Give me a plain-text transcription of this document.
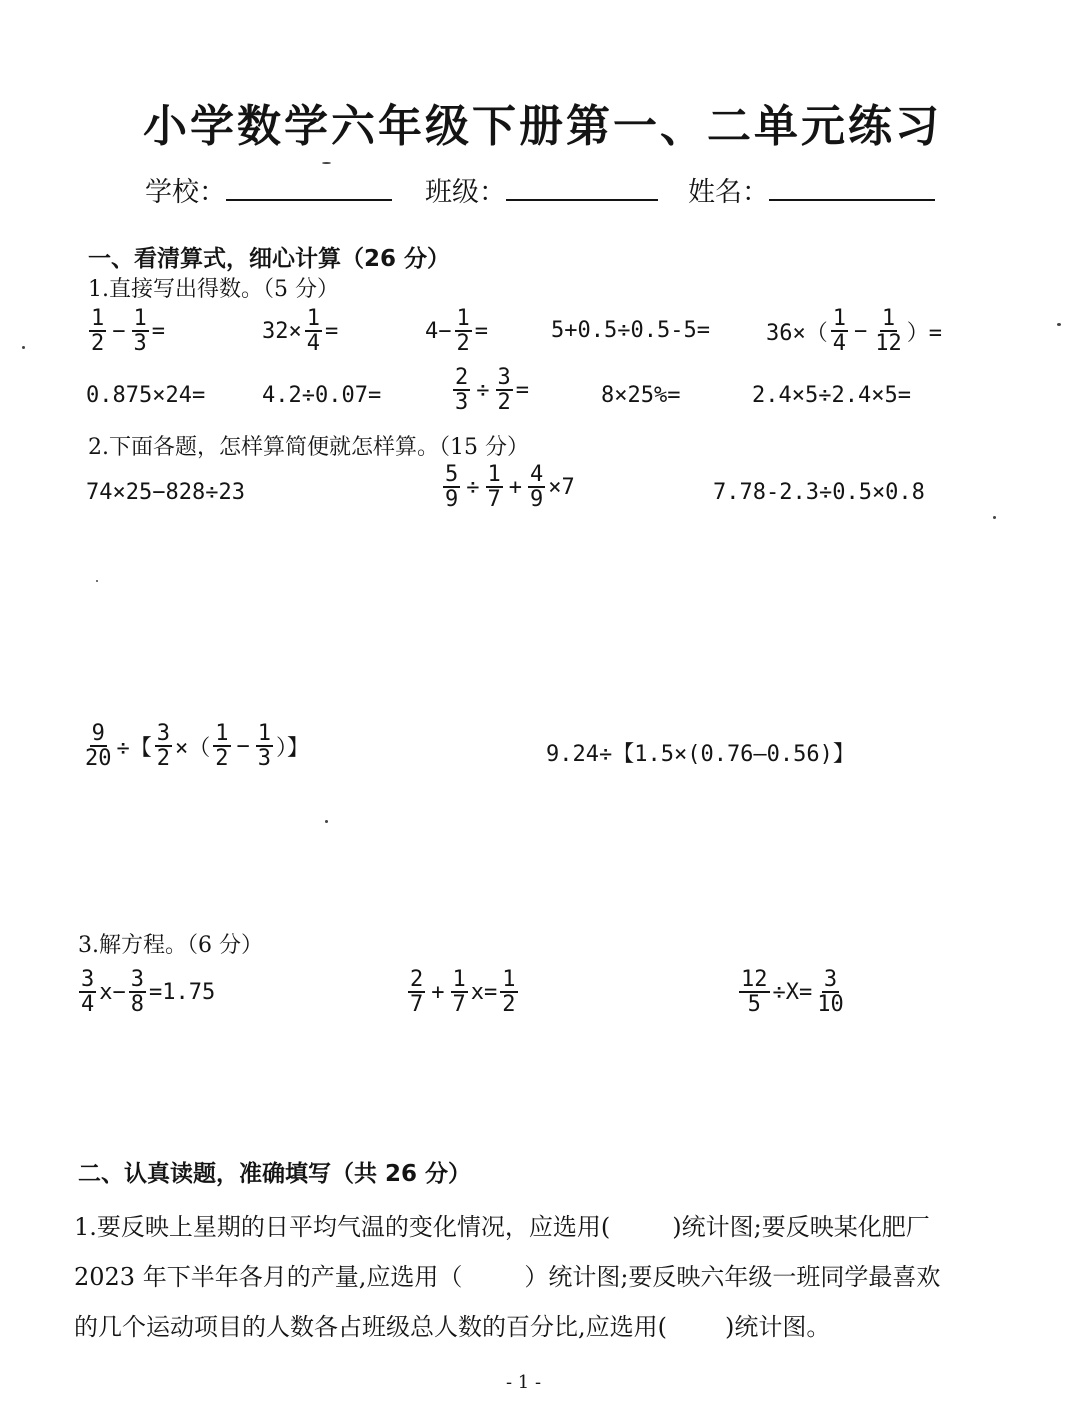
小学数学六年级下册第一、二单元练习
学校：	班级：	姓名：
一、看清算式，细心计算（26 分）
1.直接写出得数。（5 分）
$\frac{1}{2} - \frac{1}{3}$ =	$32\times \frac{1}{4}$ =	$4- \frac{1}{2}$ =	5+0.5÷0.5-5=	$36\times( \frac{1}{4} - \frac{1}{12}$ ）=
0.875×24=	4.2÷0.07=	$\frac{2}{3} \div \frac{3}{2}$ =	8×25%=	2.4×5÷2.4×5=
2.下面各题，怎样算简便就怎样算。（15 分）
74×25−828÷23	$\frac{5}{9} \div \frac{1}{7} + \frac{4}{9} \times 7$	7.78-2.3÷0.5×0.8
$\frac{9}{20}$ ÷【 $\frac{3}{2}$ ×（ $\frac{1}{2} - \frac{1}{3}$ ）】	9.24÷【1.5×(0.76—0.56)】
3.解方程。（6 分）
$\frac{3}{4} x- \frac{3}{8} =1.75$	$\frac{2}{7} + \frac{1}{7} x= \frac{1}{2}$	$\frac{12}{5} \div X= \frac{3}{10}$
二、认真读题，准确填写（共 26 分）
1.要反映上星期的日平均气温的变化情况，应选用(	)统计图;要反映某化肥厂
2023 年下半年各月的产量,应选用（	）统计图;要反映六年级一班同学最喜欢
的几个运动项目的人数各占班级总人数的百分比,应选用( )统计图。
- 1 -
